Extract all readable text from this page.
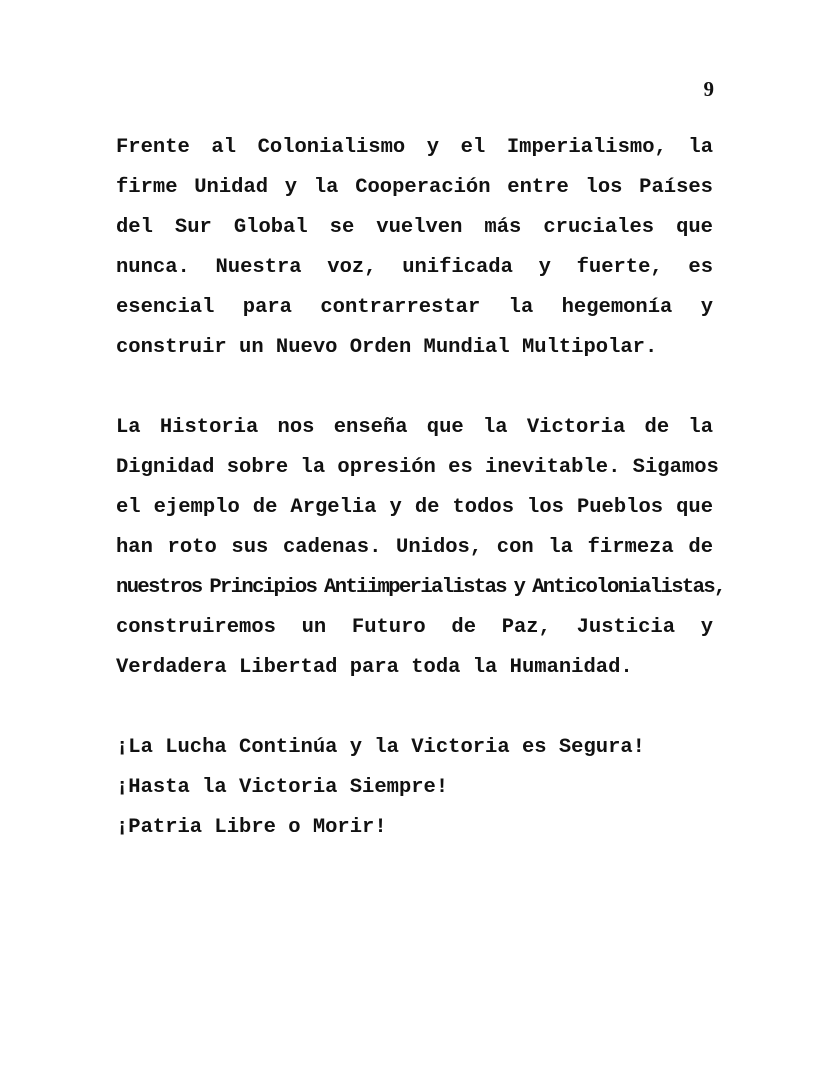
9
Frente al Colonialismo y el Imperialismo, la
firme Unidad y la Cooperación entre los Países
del Sur Global se vuelven más cruciales que
nunca. Nuestra voz, unificada y fuerte, es
esencial para contrarrestar la hegemonía y
construir un Nuevo Orden Mundial Multipolar.
La Historia nos enseña que la Victoria de la
Dignidad sobre la opresión es inevitable. Sigamos
el ejemplo de Argelia y de todos los Pueblos que
han roto sus cadenas. Unidos, con la firmeza de
nuestros Principios Antiimperialistas y Anticolonialistas,
construiremos un Futuro de Paz, Justicia y
Verdadera Libertad para toda la Humanidad.
¡La Lucha Continúa y la Victoria es Segura!
¡Hasta la Victoria Siempre!
¡Patria Libre o Morir!
